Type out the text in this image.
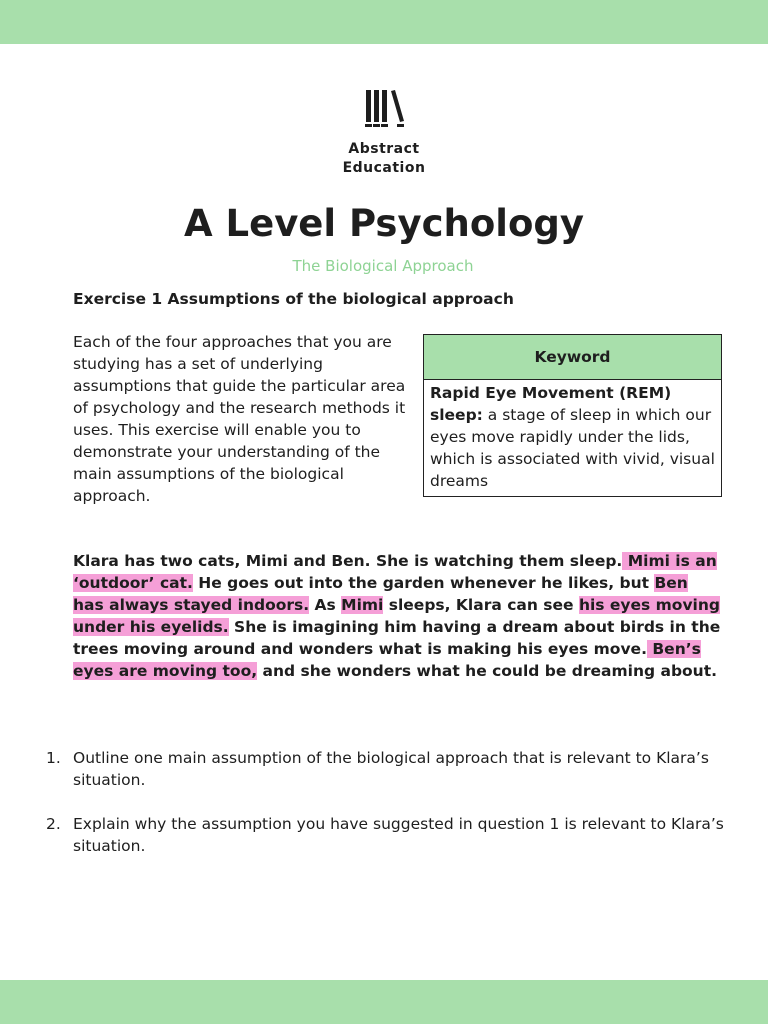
Abstract
Education
A Level Psychology
The Biological Approach
Exercise 1 Assumptions of the biological approach

Each of the four approaches that you are studying has a set of underlying assumptions that guide the particular area of psychology and the research methods it uses. This exercise will enable you to demonstrate your understanding of the main assumptions of the biological approach.

Keyword

Rapid Eye Movement (REM) sleep: a stage of sleep in which our eyes move rapidly under the lids, which is associated with vivid, visual dreams

Klara has two cats, Mimi and Ben. She is watching them sleep. Mimi is an ‘outdoor’ cat. He goes out into the garden whenever he likes, but Ben has always stayed indoors. As Mimi sleeps, Klara can see his eyes moving under his eyelids. She is imagining him having a dream about birds in the trees moving around and wonders what is making his eyes move. Ben’s eyes are moving too, and she wonders what he could be dreaming about.

1. Outline one main assumption of the biological approach that is relevant to Klara’s situation.
2. Explain why the assumption you have suggested in question 1 is relevant to Klara’s situation.
